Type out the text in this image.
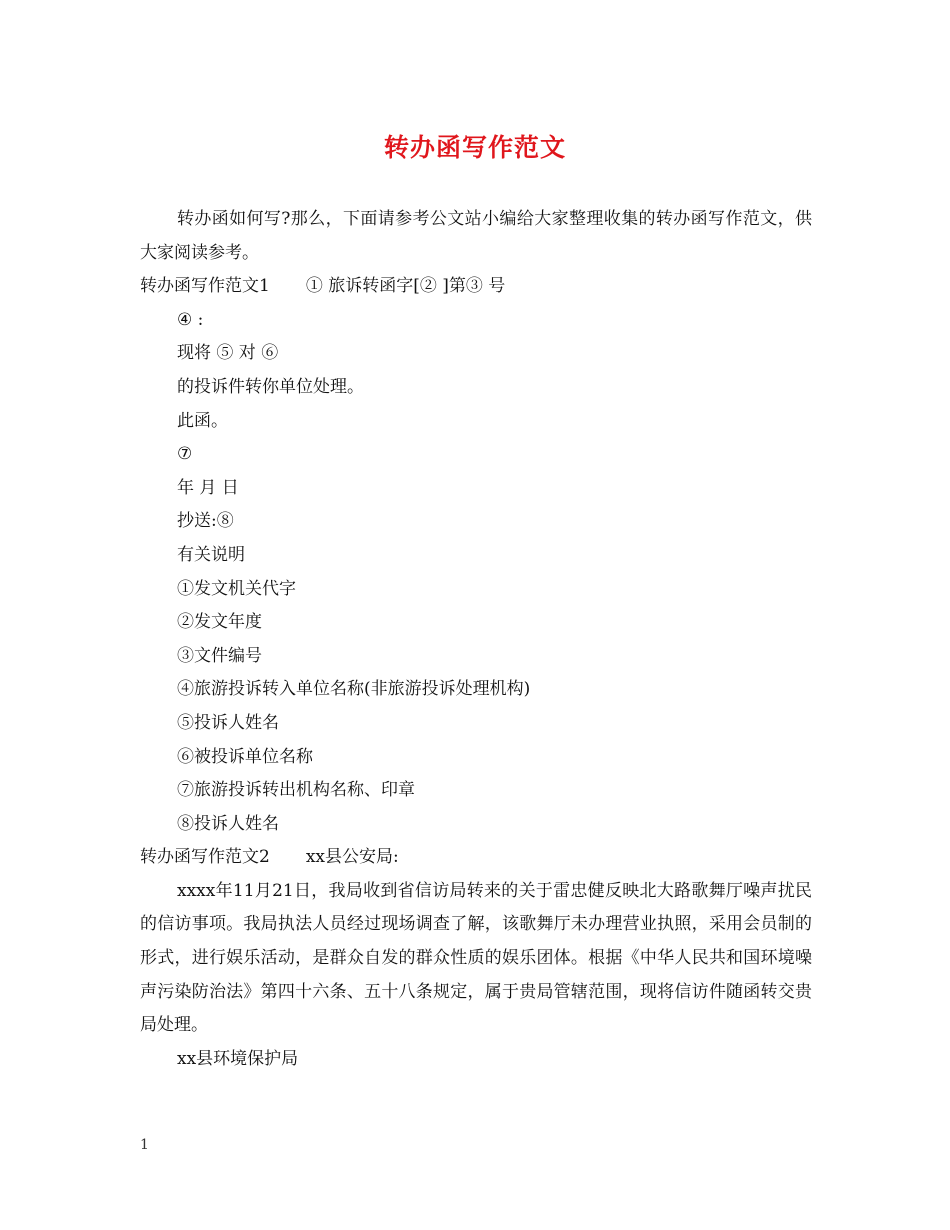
转办函写作范文

转办函如何写?那么，下面请参考公文站小编给大家整理收集的转办函写作范文，供大家阅读参考。

转办函写作范文1 ① 旅诉转函字[② ]第③ 号

④ :

现将 ⑤ 对 ⑥

的投诉件转你单位处理。

此函。

⑦

年 月 日

抄送:⑧

有关说明

①发文机关代字

②发文年度

③文件编号

④旅游投诉转入单位名称(非旅游投诉处理机构)

⑤投诉人姓名

⑥被投诉单位名称

⑦旅游投诉转出机构名称、印章

⑧投诉人姓名

转办函写作范文2 xx县公安局:

xxxx年11月21日，我局收到省信访局转来的关于雷忠健反映北大路歌舞厅噪声扰民的信访事项。我局执法人员经过现场调查了解，该歌舞厅未办理营业执照，采用会员制的形式，进行娱乐活动，是群众自发的群众性质的娱乐团体。根据《中华人民共和国环境噪声污染防治法》第四十六条、五十八条规定，属于贵局管辖范围，现将信访件随函转交贵局处理。

xx县环境保护局

1
